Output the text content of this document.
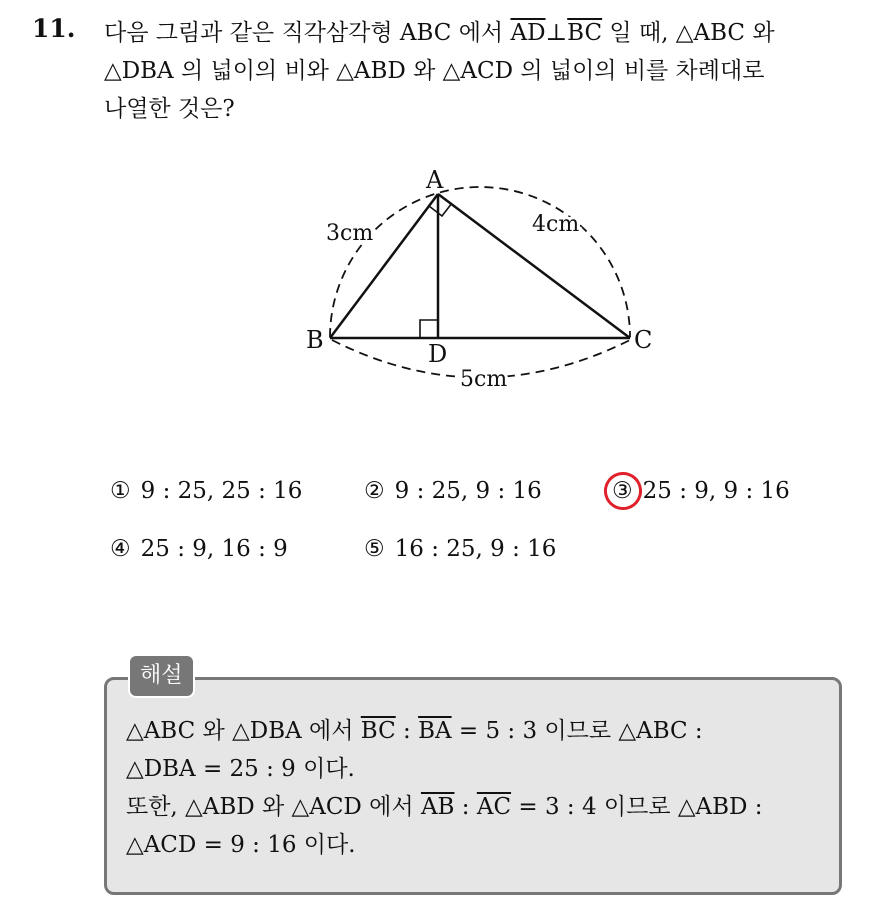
11. 다음 그림과 같은 직각삼각형 ABC 에서 $\overline{AD}\perp\overline{BC}$ 일 때, △ABC 와
△DBA 의 넓이의 비와 △ABD 와 △ACD 의 넓이의 비를 차례대로
나열한 것은?
A
B	C
D
3cm	4cm
5cm
① 9 : 25, 25 : 16	② 9 : 25, 9 : 16	③ 25 : 9, 9 : 16
④ 25 : 9, 16 : 9	⑤ 16 : 25, 9 : 16
해설

△ABC 와 △DBA 에서 $\overline{BC}$ : $\overline{BA} = 5$ : 3 이므로 △ABC :

△DBA = 25 : 9 이다.

또한, △ABD 와 △ACD 에서 $\overline{AB}$ : $\overline{AC} = 3$ : 4 이므로 △ABD :

△ACD = 9 : 16 이다.
